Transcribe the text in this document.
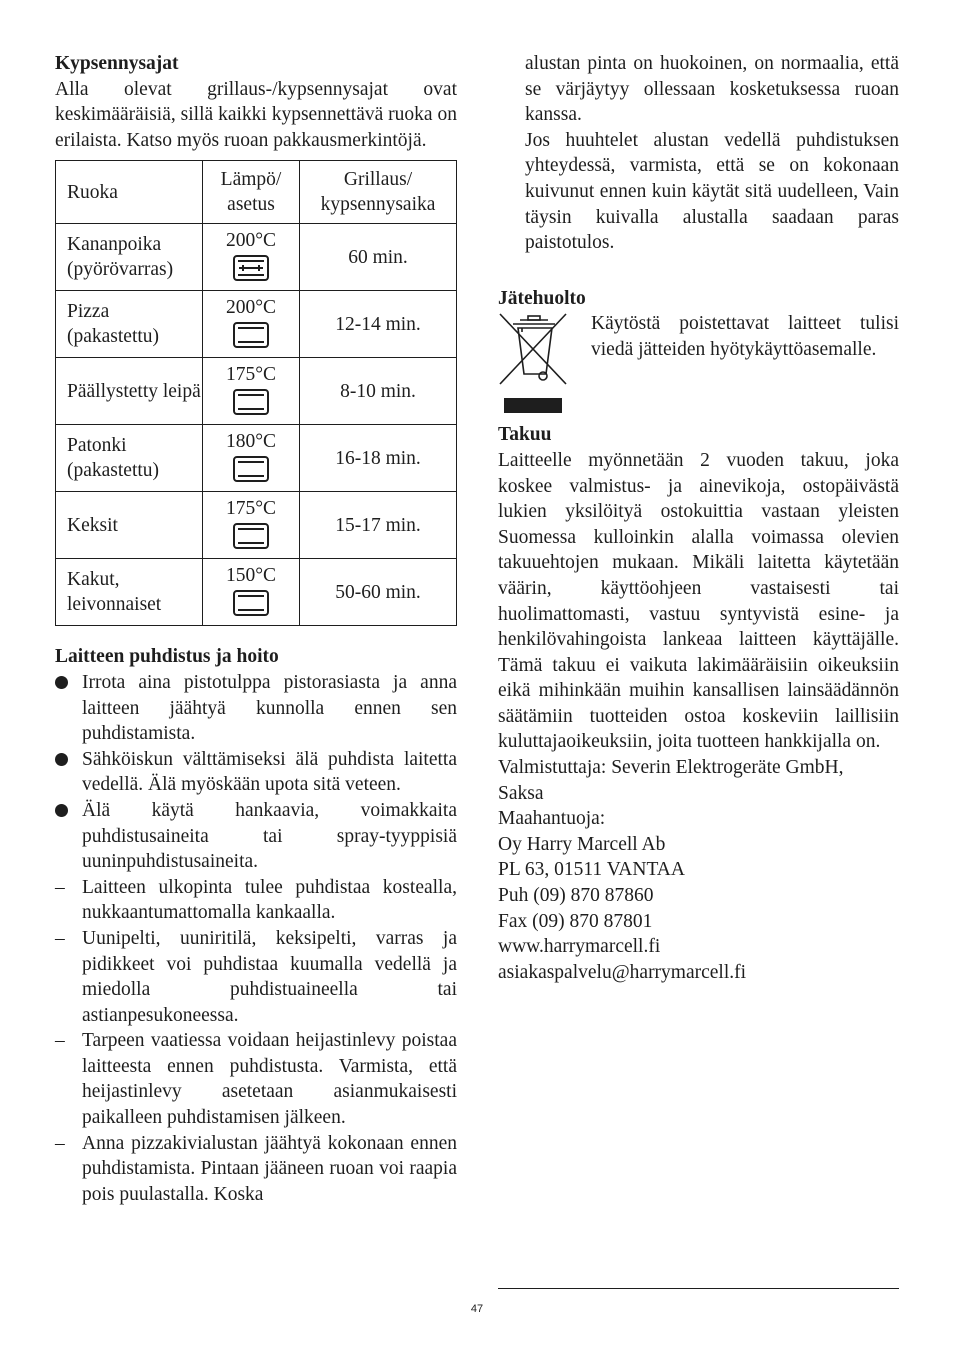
Kypsennysajat

Alla olevat grillaus-/kypsennysajat ovat keskimääräisiä, sillä kaikki kypsennettävä ruoka on erilaista. Katso myös ruoan pakkausmerkintöjä.

Ruoka	Lämpö/ asetus	Grillaus/ kypsennysaika
Kananpoika (pyörövarras)	200°C	60 min.
Pizza (pakastettu)	200°C	12-14 min.
Päällystetty leipä	175°C	8-10 min.
Patonki (pakastettu)	180°C	16-18 min.
Keksit	175°C	15-17 min.
Kakut, leivonnaiset	150°C	50-60 min.
Laitteen puhdistus ja hoito
Irrota aina pistotulppa pistorasiasta ja anna laitteen jäähtyä kunnolla ennen sen puhdistamista.
Sähköiskun välttämiseksi älä puhdista laitetta vedellä. Älä myöskään upota sitä veteen.
Älä käytä hankaavia, voimakkaita puhdistusaineita tai spray-tyyppisiä uuninpuhdistusaineita.
– Laitteen ulkopinta tulee puhdistaa kostealla, nukkaantumattomalla kankaalla.
– Uunipelti, uuniritilä, keksipelti, varras ja pidikkeet voi puhdistaa kuumalla vedellä ja miedolla puhdistuaineella tai astianpesukoneessa.
– Tarpeen vaatiessa voidaan heijastinlevy poistaa laitteesta ennen puhdistusta. Varmista, että heijastinlevy asetetaan asianmukaisesti paikalleen puhdistamisen jälkeen.
– Anna pizzakivialustan jäähtyä kokonaan ennen puhdistamista. Pintaan jääneen ruoan voi raapia pois puulastalla. Koska

alustan pinta on huokoinen, on normaalia, että se värjäytyy ollessaan kosketuksessa ruoan kanssa.

Jos huuhtelet alustan vedellä puhdistuksen yhteydessä, varmista, että se on kokonaan kuivunut ennen kuin käytät sitä uudelleen, Vain täysin kuivalla alustalla saadaan paras paistotulos.

Jätehuolto

Käytöstä poistettavat laitteet tulisi viedä jätteiden hyötykäyttöasemalle.

Takuu

Laitteelle myönnetään 2 vuoden takuu, joka koskee valmistus- ja ainevikoja, ostopäivästä lukien yksilöityä ostokuittia vastaan yleisten Suomessa kulloinkin alalla voimassa olevien takuuehtojen mukaan. Mikäli laitetta käytetään väärin, käyttöohjeen vastaisesti tai huolimattomasti, vastuu syntyvistä esine- ja henkilövahingoista lankeaa laitteen käyttäjälle. Tämä takuu ei vaikuta lakimääräisiin oikeuksiin eikä mihinkään muihin kansallisen lainsäädännön säätämiin tuotteiden ostoa koskeviin laillisiin kuluttajaoikeuksiin, joita tuotteen hankkijalla on.

Valmistuttaja: Severin Elektrogeräte GmbH,
Saksa
Maahantuoja:
Oy Harry Marcell Ab
PL 63, 01511 VANTAA
Puh (09) 870 87860
Fax (09) 870 87801
www.harrymarcell.fi
asiakaspalvelu@harrymarcell.fi
47
